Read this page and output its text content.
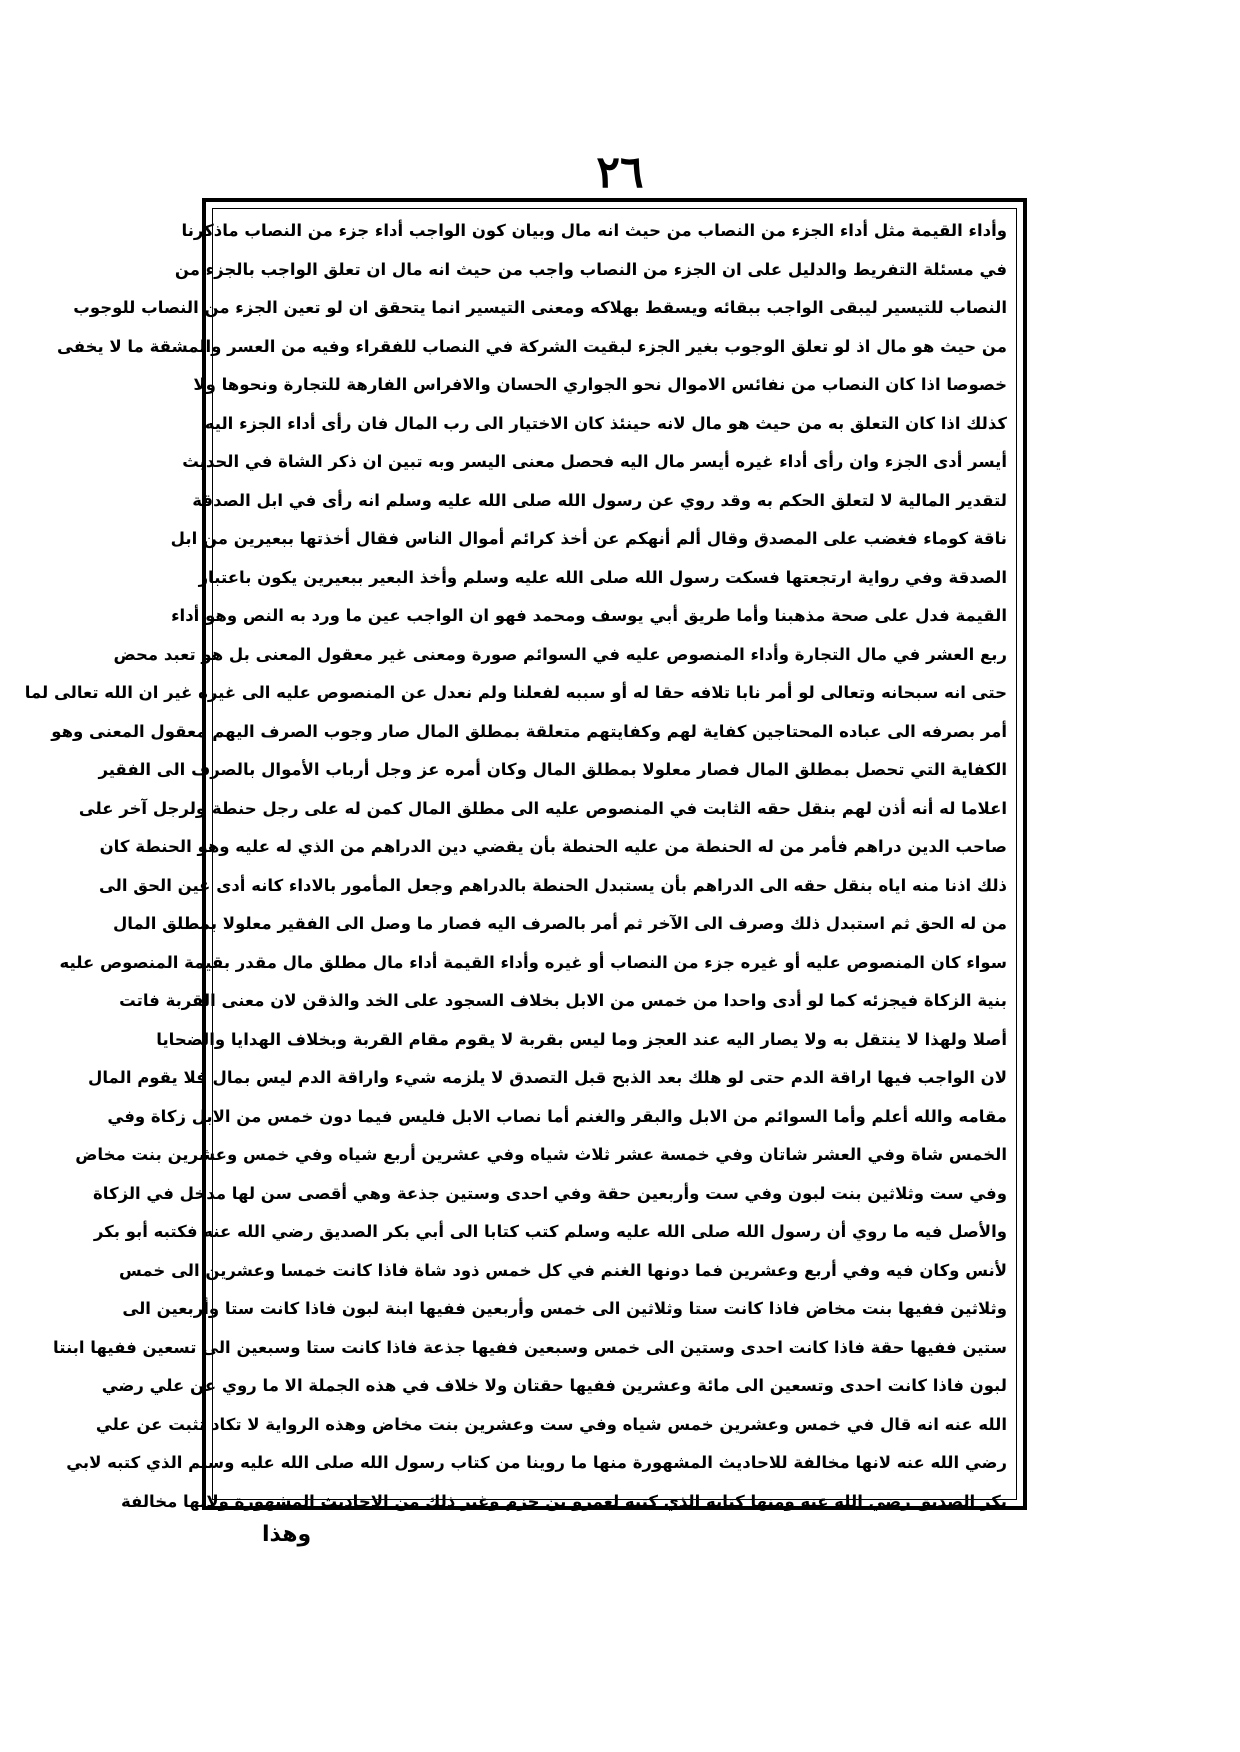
٢٦
وأداء القيمة مثل أداء الجزء من النصاب من حيث انه مال وبيان كون الواجب أداء جزء من النصاب ماذكرنا
في مسئلة التفريط والدليل على ان الجزء من النصاب واجب من حيث انه مال ان تعلق الواجب بالجزء من
النصاب للتيسير ليبقى الواجب ببقائه ويسقط بهلاكه ومعنى التيسير انما يتحقق ان لو تعين الجزء من النصاب للوجوب
من حيث هو مال اذ لو تعلق الوجوب بغير الجزء لبقيت الشركة في النصاب للفقراء وفيه من العسر والمشقة ما لا يخفى
خصوصا اذا كان النصاب من نفائس الاموال نحو الجواري الحسان والافراس الفارهة للتجارة ونحوها ولا
كذلك اذا كان التعلق به من حيث هو مال لانه حينئذ كان الاختيار الى رب المال فان رأى أداء الجزء اليه
أيسر أدى الجزء وان رأى أداء غيره أيسر مال اليه فحصل معنى اليسر وبه تبين ان ذكر الشاة في الحديث
لتقدير المالية لا لتعلق الحكم به وقد روي عن رسول الله صلى الله عليه وسلم انه رأى في ابل الصدقة
ناقة كوماء فغضب على المصدق وقال ألم أنهكم عن أخذ كرائم أموال الناس فقال أخذتها ببعيرين من ابل
الصدقة وفي رواية ارتجعتها فسكت رسول الله صلى الله عليه وسلم وأخذ البعير ببعيرين يكون باعتبار
القيمة فدل على صحة مذهبنا وأما طريق أبي يوسف ومحمد فهو ان الواجب عين ما ورد به النص وهو أداء
ربع العشر في مال التجارة وأداء المنصوص عليه في السوائم صورة ومعنى غير معقول المعنى بل هو تعبد محض
حتى انه سبحانه وتعالى لو أمر نابا تلافه حقا له أو سببه لفعلنا ولم نعدل عن المنصوص عليه الى غيره غير ان الله تعالى لما
أمر بصرفه الى عباده المحتاجين كفاية لهم وكفايتهم متعلقة بمطلق المال صار وجوب الصرف اليهم معقول المعنى وهو
الكفاية التي تحصل بمطلق المال فصار معلولا بمطلق المال وكان أمره عز وجل أرباب الأموال بالصرف الى الفقير
اعلاما له أنه أذن لهم بنقل حقه الثابت في المنصوص عليه الى مطلق المال كمن له على رجل حنطة ولرجل آخر على
صاحب الدين دراهم فأمر من له الحنطة من عليه الحنطة بأن يقضي دين الدراهم من الذي له عليه وهو الحنطة كان
ذلك اذنا منه اياه بنقل حقه الى الدراهم بأن يستبدل الحنطة بالدراهم وجعل المأمور بالاداء كانه أدى عين الحق الى
من له الحق ثم استبدل ذلك وصرف الى الآخر ثم أمر بالصرف اليه فصار ما وصل الى الفقير معلولا بمطلق المال
سواء كان المنصوص عليه أو غيره جزء من النصاب أو غيره وأداء القيمة أداء مال مطلق مال مقدر بقيمة المنصوص عليه
بنية الزكاة فيجزئه كما لو أدى واحدا من خمس من الابل بخلاف السجود على الخد والذقن لان معنى القربة فاتت
أصلا ولهذا لا ينتقل به ولا يصار اليه عند العجز وما ليس بقربة لا يقوم مقام القربة وبخلاف الهدايا والضحايا
لان الواجب فيها اراقة الدم حتى لو هلك بعد الذبح قبل التصدق لا يلزمه شيء واراقة الدم ليس بمال فلا يقوم المال
مقامه والله أعلم وأما السوائم من الابل والبقر والغنم أما نصاب الابل فليس فيما دون خمس من الابل زكاة وفي
الخمس شاة وفي العشر شاتان وفي خمسة عشر ثلاث شياه وفي عشرين أربع شياه وفي خمس وعشرين بنت مخاض
وفي ست وثلاثين بنت لبون وفي ست وأربعين حقة وفي احدى وستين جذعة وهي أقصى سن لها مدخل في الزكاة
والأصل فيه ما روي أن رسول الله صلى الله عليه وسلم كتب كتابا الى أبي بكر الصديق رضي الله عنه فكتبه أبو بكر
لأنس وكان فيه وفي أربع وعشرين فما دونها الغنم في كل خمس ذود شاة فاذا كانت خمسا وعشرين الى خمس
وثلاثين ففيها بنت مخاض فاذا كانت ستا وثلاثين الى خمس وأربعين ففيها ابنة لبون فاذا كانت ستا وأربعين الى
ستين ففيها حقة فاذا كانت احدى وستين الى خمس وسبعين ففيها جذعة فاذا كانت ستا وسبعين الى تسعين ففيها ابنتا
لبون فاذا كانت احدى وتسعين الى مائة وعشرين ففيها حقتان ولا خلاف في هذه الجملة الا ما روي عن علي رضي
الله عنه انه قال في خمس وعشرين خمس شياه وفي ست وعشرين بنت مخاض وهذه الرواية لا تكاد تثبت عن علي
رضي الله عنه لانها مخالفة للاحاديث المشهورة منها ما روينا من كتاب رسول الله صلى الله عليه وسلم الذي كتبه لابي
بكر الصديق رضي الله عنه ومنها كتابه الذي كتبه لعمرو بن حزم وغير ذلك من الاحاديث المشهورة ولانها مخالفة
وهذا
